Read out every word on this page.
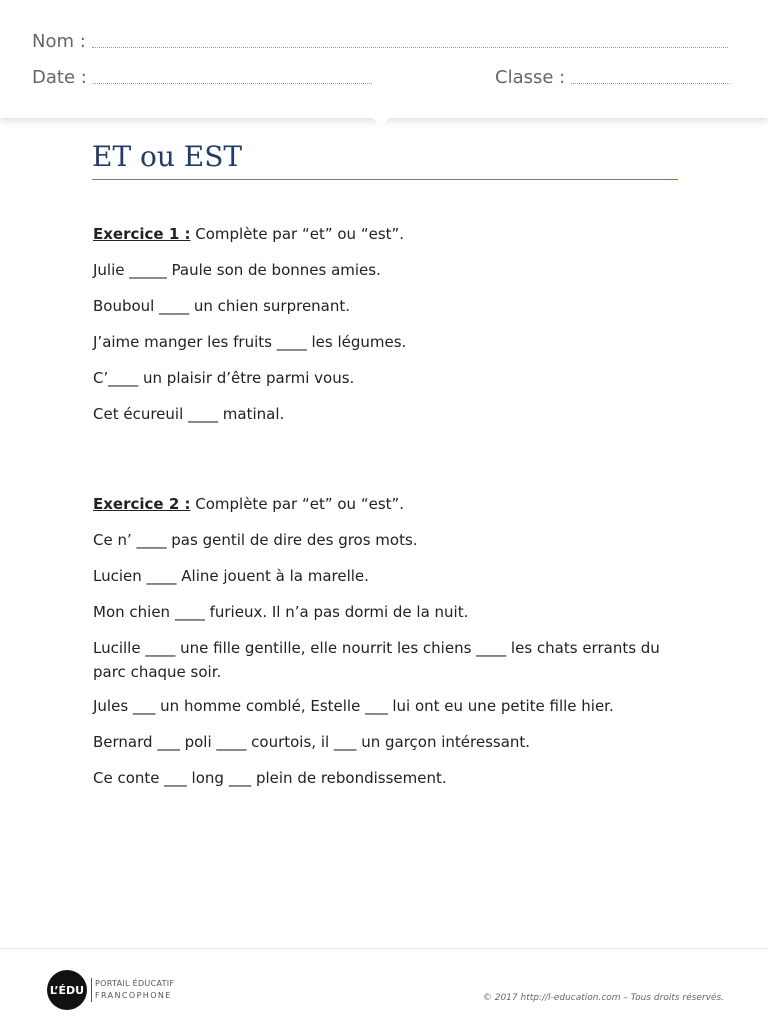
Nom :
Date :	Classe :
ET ou EST
Exercice 1 : Complète par “et” ou “est”.
Julie _____ Paule son de bonnes amies.
Bouboul ____ un chien surprenant.
J’aime manger les fruits ____ les légumes.
C’____ un plaisir d’être parmi vous.
Cet écureuil ____ matinal.
Exercice 2 : Complète par “et” ou “est”.
Ce n’ ____ pas gentil de dire des gros mots.
Lucien ____ Aline jouent à la marelle.
Mon chien ____ furieux. Il n’a pas dormi de la nuit.
Lucille ____ une fille gentille, elle nourrit les chiens ____ les chats errants du parc chaque soir.
Jules ___ un homme comblé, Estelle ___ lui ont eu une petite fille hier.
Bernard ___ poli ____ courtois, il ___ un garçon intéressant.
Ce conte ___ long ___ plein de rebondissement.
L’ÉDU PORTAIL ÉDUCATIF
FRANCOPHONE	© 2017 http://l-education.com – Tous droits réservés.
